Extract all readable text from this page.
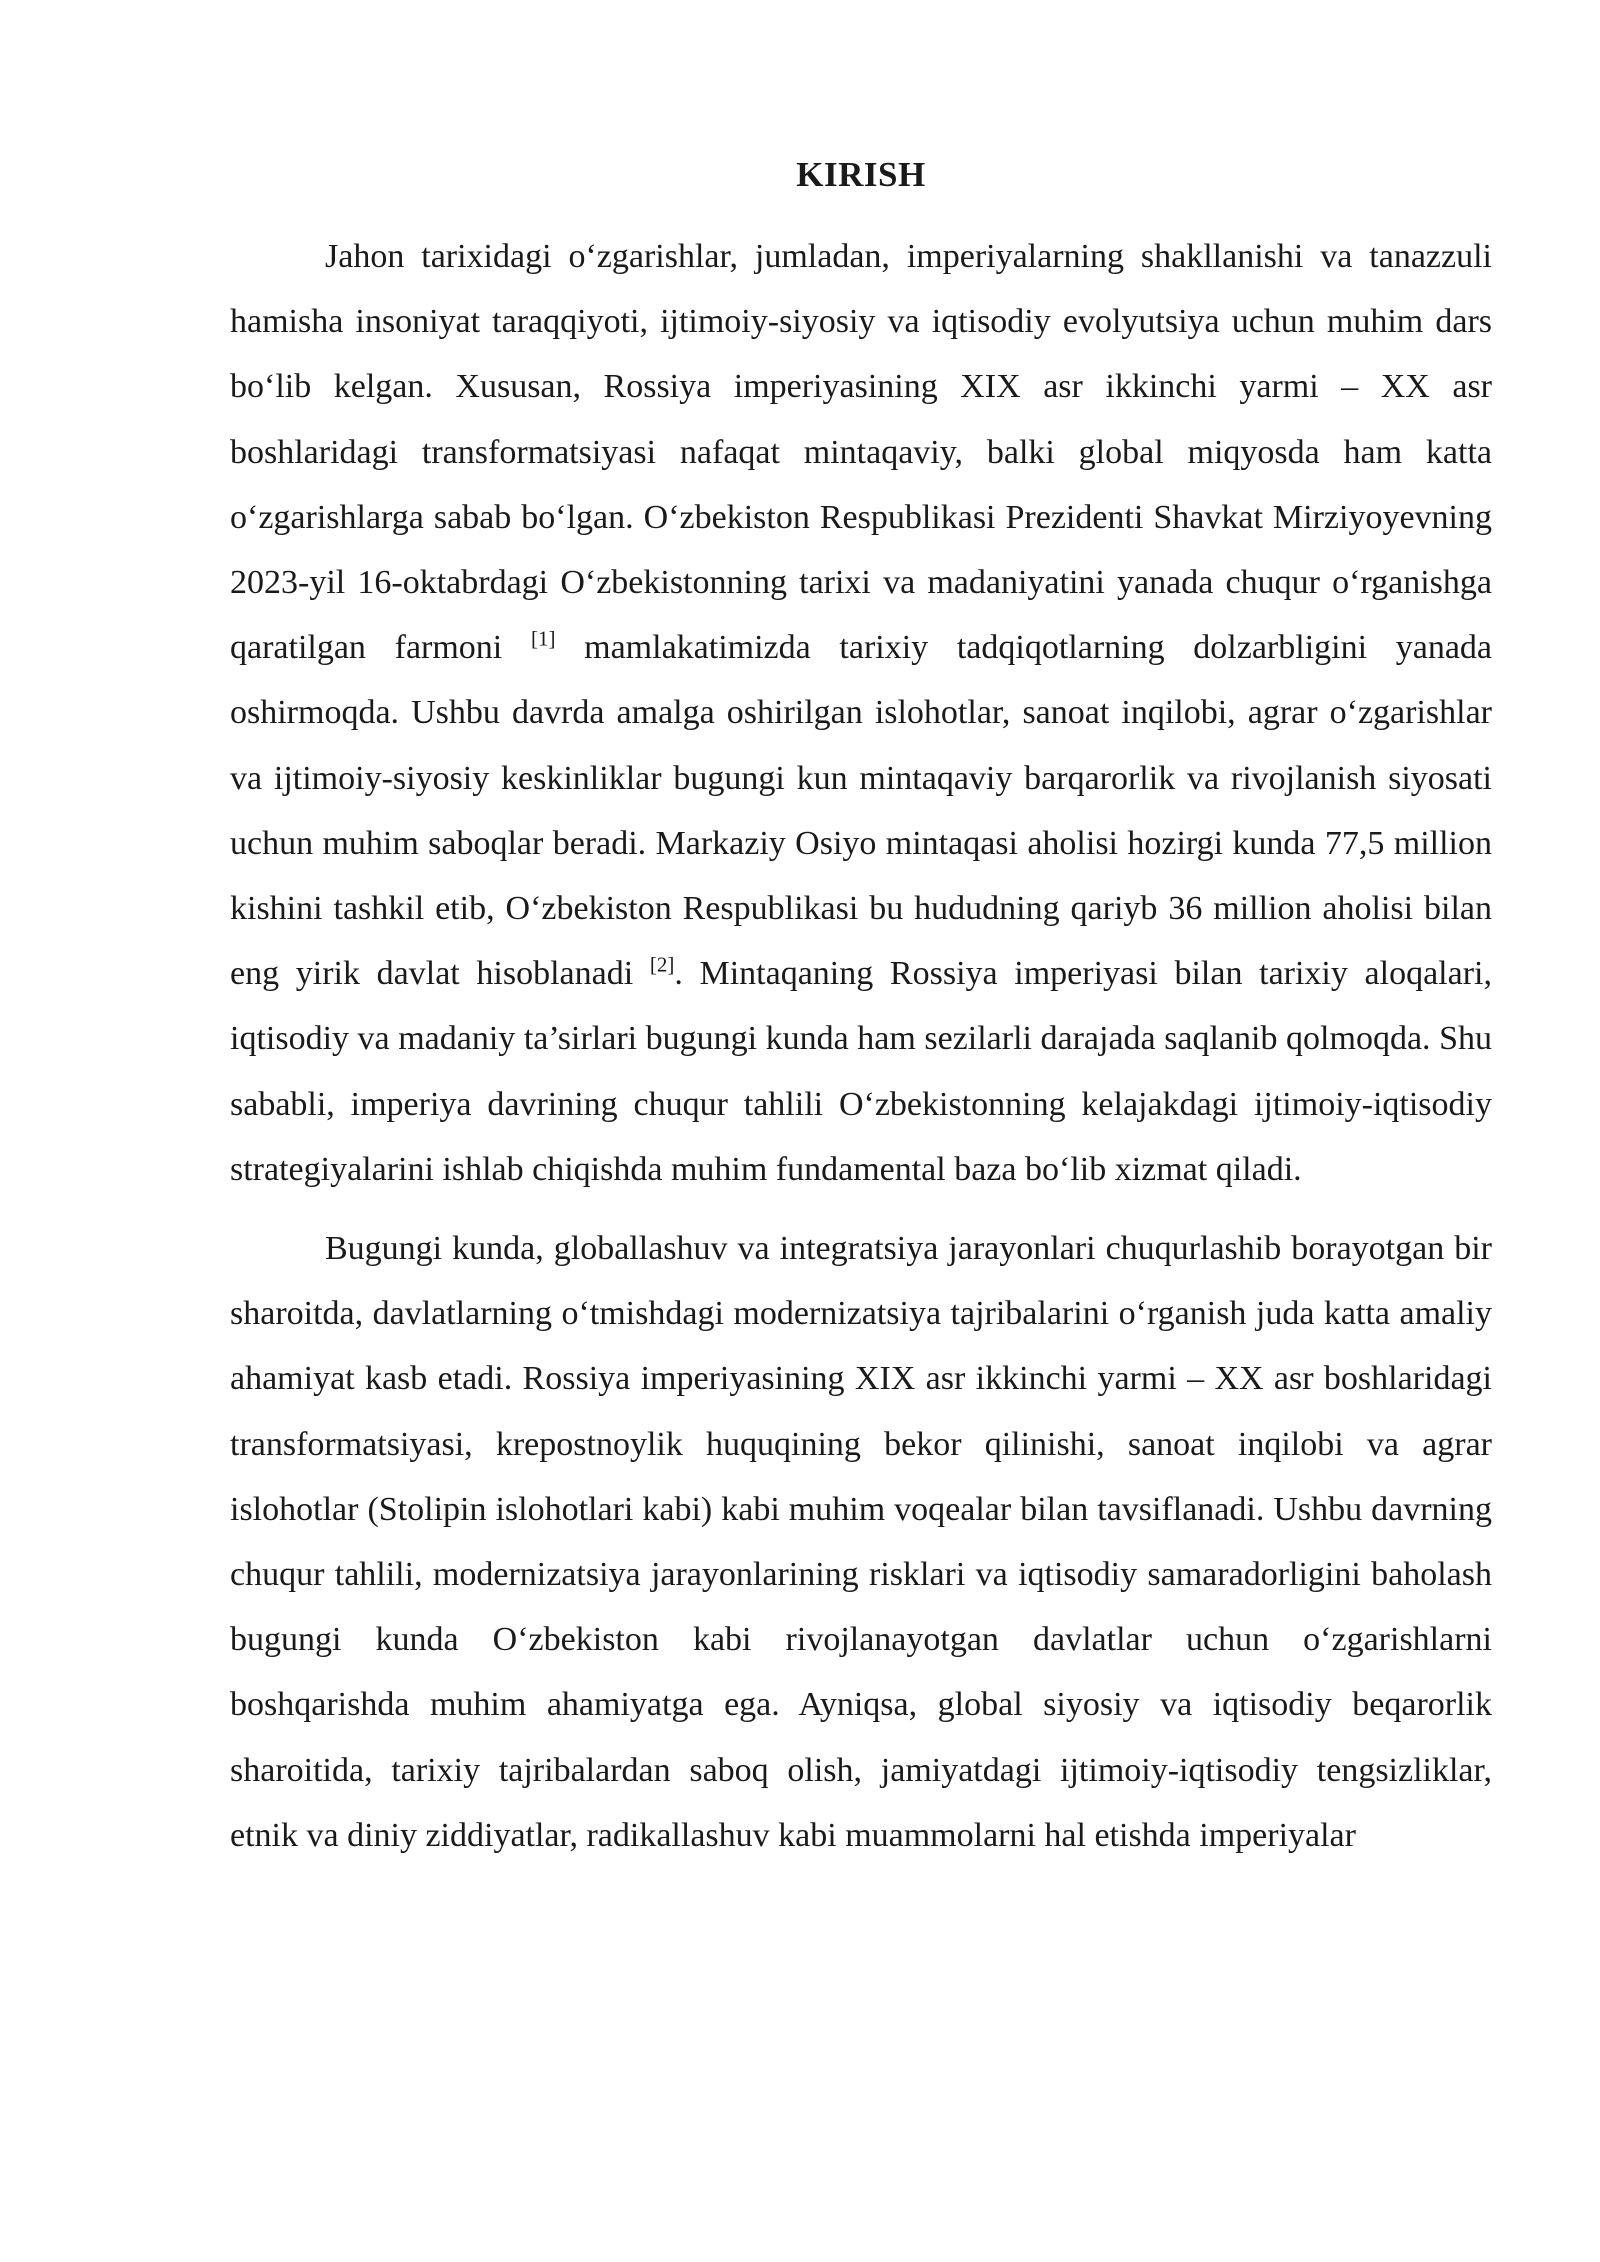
KIRISH

Jahon tarixidagi o‘zgarishlar, jumladan, imperiyalarning shakllanishi va tanazzuli hamisha insoniyat taraqqiyoti, ijtimoiy-siyosiy va iqtisodiy evolyutsiya uchun muhim dars bo‘lib kelgan. Xususan, Rossiya imperiyasining XIX asr ikkinchi yarmi – XX asr boshlaridagi transformatsiyasi nafaqat mintaqaviy, balki global miqyosda ham katta o‘zgarishlarga sabab bo‘lgan. O‘zbekiston Respublikasi Prezidenti Shavkat Mirziyoyevning 2023-yil 16-oktabrdagi O‘zbekistonning tarixi va madaniyatini yanada chuqur o‘rganishga qaratilgan farmoni [1] mamlakatimizda tarixiy tadqiqotlarning dolzarbligini yanada oshirmoqda. Ushbu davrda amalga oshirilgan islohotlar, sanoat inqilobi, agrar o‘zgarishlar va ijtimoiy-siyosiy keskinliklar bugungi kun mintaqaviy barqarorlik va rivojlanish siyosati uchun muhim saboqlar beradi. Markaziy Osiyo mintaqasi aholisi hozirgi kunda 77,5 million kishini tashkil etib, O‘zbekiston Respublikasi bu hududning qariyb 36 million aholisi bilan eng yirik davlat hisoblanadi [2]. Mintaqaning Rossiya imperiyasi bilan tarixiy aloqalari, iqtisodiy va madaniy ta’sirlari bugungi kunda ham sezilarli darajada saqlanib qolmoqda. Shu sababli, imperiya davrining chuqur tahlili O‘zbekistonning kelajakdagi ijtimoiy-iqtisodiy strategiyalarini ishlab chiqishda muhim fundamental baza bo‘lib xizmat qiladi.

Bugungi kunda, globallashuv va integratsiya jarayonlari chuqurlashib borayotgan bir sharoitda, davlatlarning o‘tmishdagi modernizatsiya tajribalarini o‘rganish juda katta amaliy ahamiyat kasb etadi. Rossiya imperiyasining XIX asr ikkinchi yarmi – XX asr boshlaridagi transformatsiyasi, krepostnoylik huquqining bekor qilinishi, sanoat inqilobi va agrar islohotlar (Stolipin islohotlari kabi) kabi muhim voqealar bilan tavsiflanadi. Ushbu davrning chuqur tahlili, modernizatsiya jarayonlarining risklari va iqtisodiy samaradorligini baholash bugungi kunda O‘zbekiston kabi rivojlanayotgan davlatlar uchun o‘zgarishlarni boshqarishda muhim ahamiyatga ega. Ayniqsa, global siyosiy va iqtisodiy beqarorlik sharoitida, tarixiy tajribalardan saboq olish, jamiyatdagi ijtimoiy-iqtisodiy tengsizliklar, etnik va diniy ziddiyatlar, radikallashuv kabi muammolarni hal etishda imperiyalar
